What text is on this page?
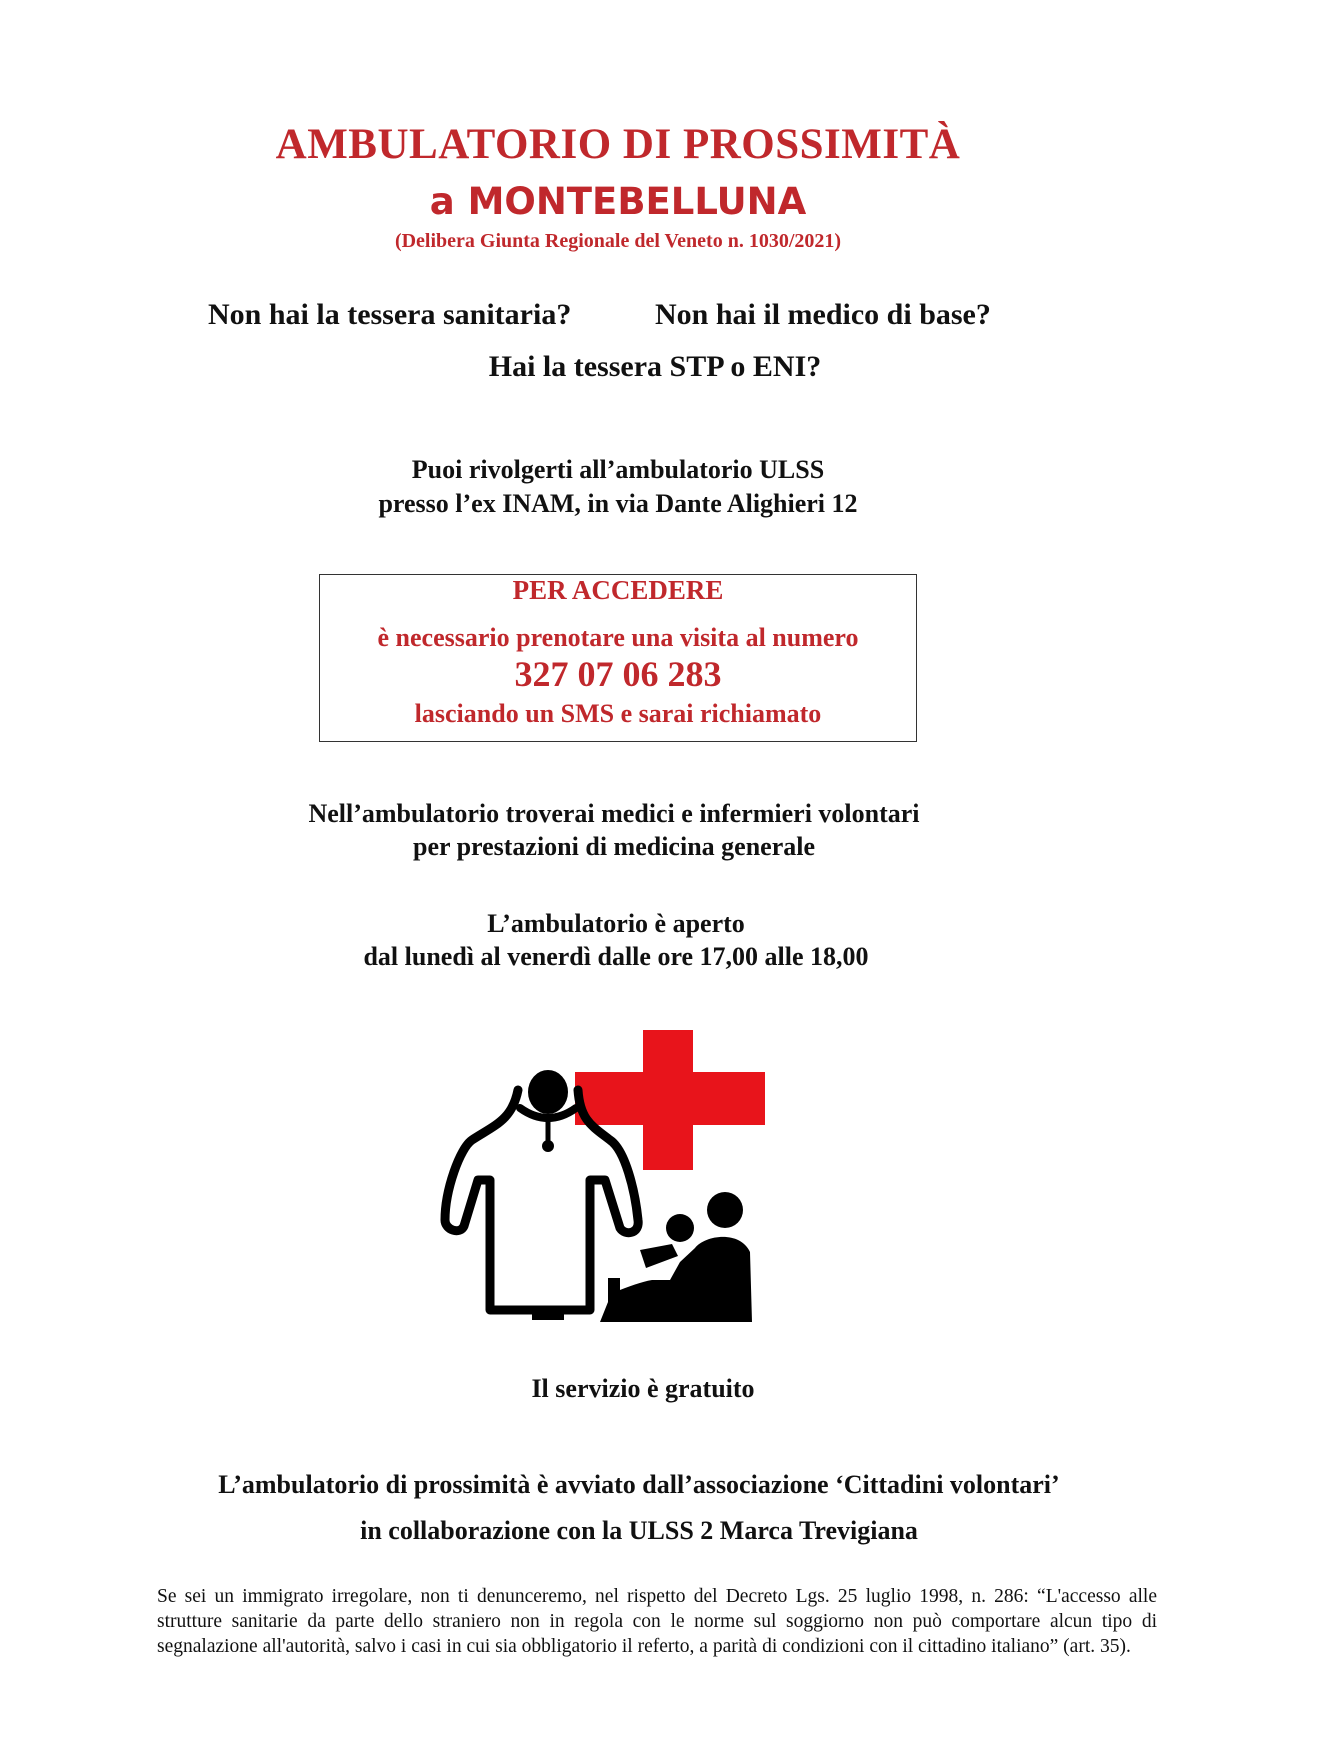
AMBULATORIO DI PROSSIMITÀ
a MONTEBELLUNA
(Delibera Giunta Regionale del Veneto n. 1030/2021)
Non hai la tessera sanitaria?	Non hai il medico di base?
Hai la tessera STP o ENI?
Puoi rivolgerti all’ambulatorio ULSS
presso l’ex INAM, in via Dante Alighieri 12
PER ACCEDERE
è necessario prenotare una visita al numero
327 07 06 283
lasciando un SMS e sarai richiamato
Nell’ambulatorio troverai medici e infermieri volontari
per prestazioni di medicina generale
L’ambulatorio è aperto
dal lunedì al venerdì dalle ore 17,00 alle 18,00
Il servizio è gratuito
L’ambulatorio di prossimità è avviato dall’associazione ‘Cittadini volontari’
in collaborazione con la ULSS 2 Marca Trevigiana
Se sei un immigrato irregolare, non ti denunceremo, nel rispetto del Decreto Lgs. 25 luglio 1998, n. 286: “L'accesso alle strutture sanitarie da parte dello straniero non in regola con le norme sul soggiorno non può comportare alcun tipo di segnalazione all'autorità, salvo i casi in cui sia obbligatorio il referto, a parità di condizioni con il cittadino italiano” (art. 35).
